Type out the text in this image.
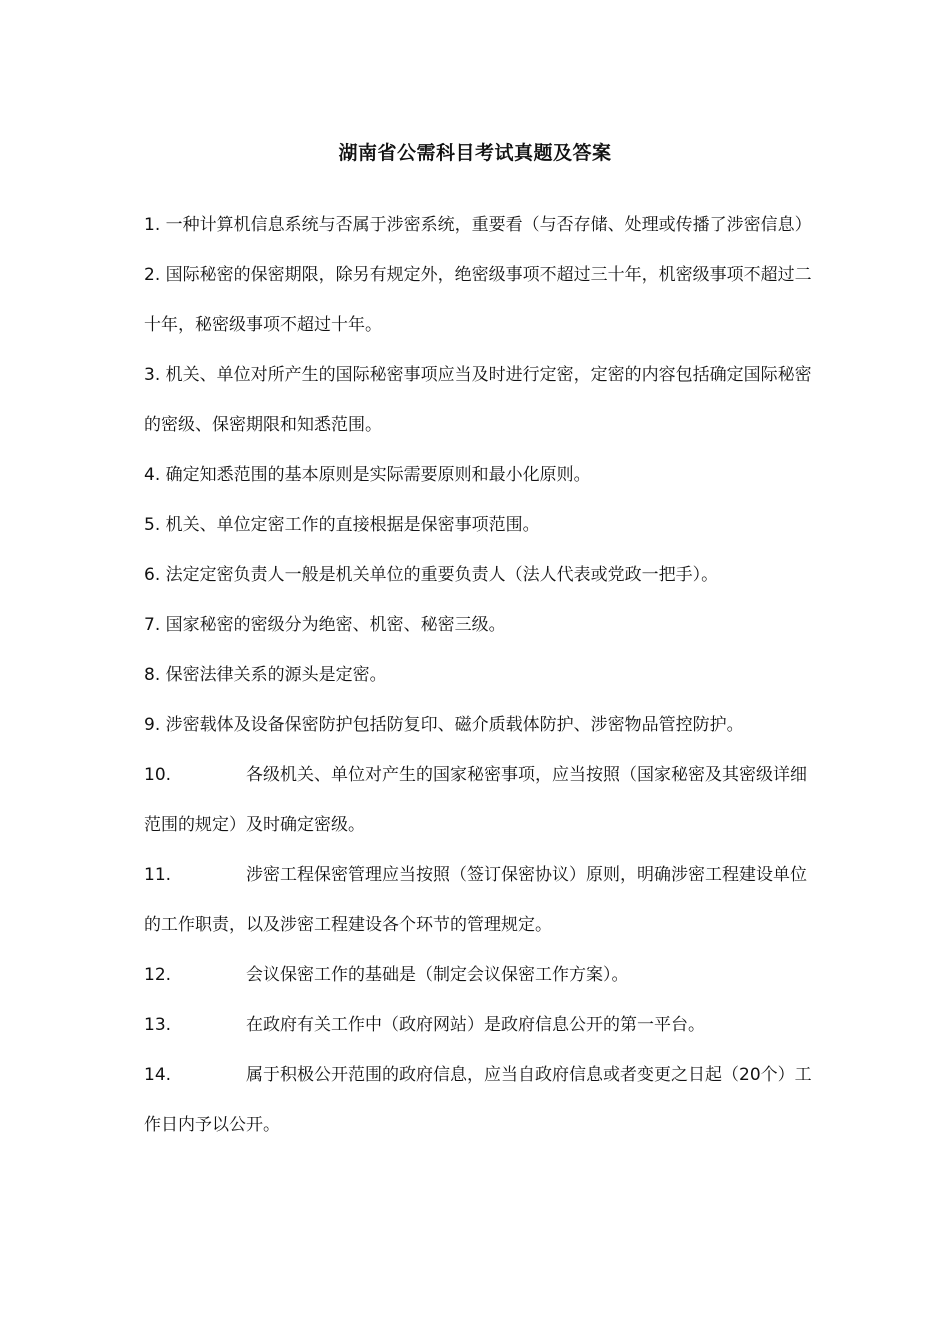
湖南省公需科目考试真题及答案
1. 一种计算机信息系统与否属于涉密系统，重要看（与否存储、处理或传播了涉密信息）
2. 国际秘密的保密期限，除另有规定外，绝密级事项不超过三十年，机密级事项不超过二十年，秘密级事项不超过十年。
3. 机关、单位对所产生的国际秘密事项应当及时进行定密，定密的内容包括确定国际秘密的密级、保密期限和知悉范围。
4. 确定知悉范围的基本原则是实际需要原则和最小化原则。
5. 机关、单位定密工作的直接根据是保密事项范围。
6. 法定定密负责人一般是机关单位的重要负责人（法人代表或党政一把手）。
7. 国家秘密的密级分为绝密、机密、秘密三级。
8. 保密法律关系的源头是定密。
9. 涉密载体及设备保密防护包括防复印、磁介质载体防护、涉密物品管控防护。
10.	各级机关、单位对产生的国家秘密事项，应当按照（国家秘密及其密级详细范围的规定）及时确定密级。
11.	涉密工程保密管理应当按照（签订保密协议）原则，明确涉密工程建设单位的工作职责，以及涉密工程建设各个环节的管理规定。
12.	会议保密工作的基础是（制定会议保密工作方案）。
13.	在政府有关工作中（政府网站）是政府信息公开的第一平台。
14.	属于积极公开范围的政府信息，应当自政府信息或者变更之日起（20个）工作日内予以公开。
